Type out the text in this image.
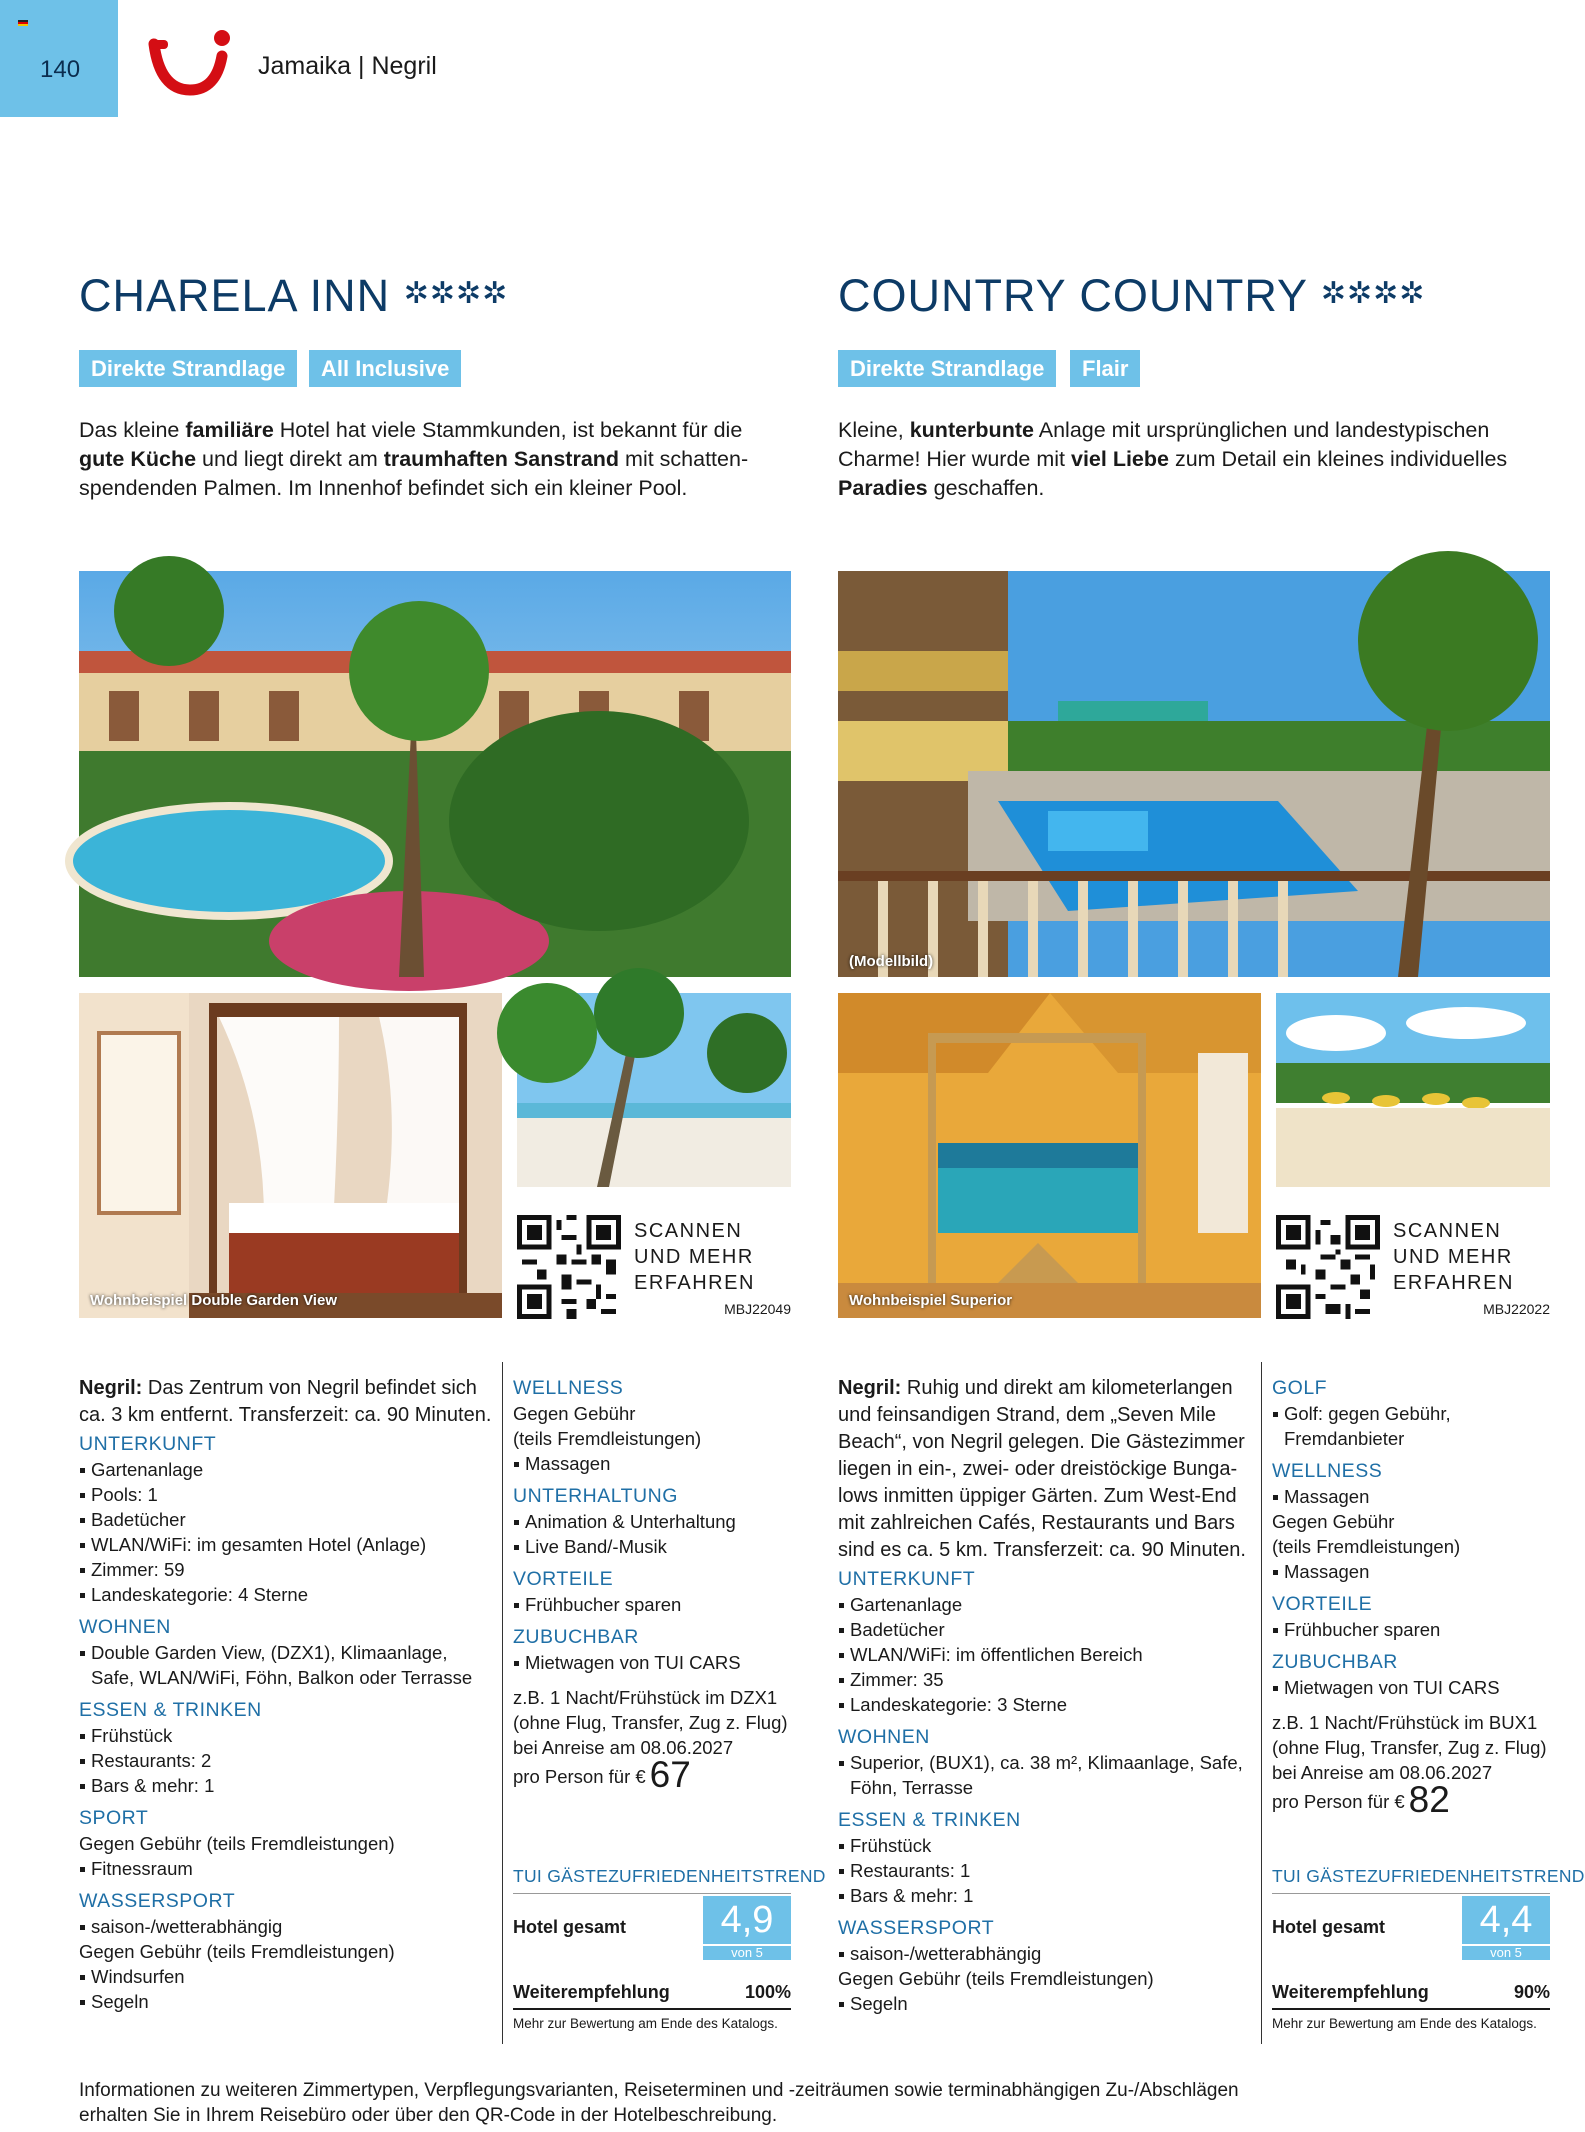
140	Jamaika | Negril
CHARELA INN ✲✲✲✲
Direkte Strandlage	All Inclusive

Das kleine familiäre Hotel hat viele Stammkunden, ist bekannt für die gute Küche und liegt direkt am traumhaften Sanstrand mit schattenspendenden Palmen. Im Innenhof befindet sich ein kleiner Pool.

COUNTRY COUNTRY ✲✲✲✲
Direkte Strandlage	Flair

Kleine, kunterbunte Anlage mit ursprünglichen und landestypischen Charme! Hier wurde mit viel Liebe zum Detail ein kleines individuelles Paradies geschaffen.

Wohnbeispiel Double Garden View
SCANNEN
UND MEHR
ERFAHREN
MBJ22049
(Modellbild)
Wohnbeispiel Superior
SCANNEN
UND MEHR
ERFAHREN
MBJ22022
Negril: Das Zentrum von Negril befindet sich ca. 3 km entfernt. Transferzeit: ca. 90 Minuten.
UNTERKUNFT
Gartenanlage
Pools: 1
Badetücher
WLAN/WiFi: im gesamten Hotel (Anlage)
Zimmer: 59
Landeskategorie: 4 Sterne
WOHNEN
Double Garden View, (DZX1), Klimaanlage, Safe, WLAN/WiFi, Föhn, Balkon oder Terrasse
ESSEN & TRINKEN
Frühstück
Restaurants: 2
Bars & mehr: 1
SPORT
Gegen Gebühr (teils Fremdleistungen)
Fitnessraum
WASSERSPORT
saison-/wetterabhängig
Gegen Gebühr (teils Fremdleistungen)
Windsurfen
Segeln
WELLNESS
Gegen Gebühr
(teils Fremdleistungen)
Massagen
UNTERHALTUNG
Animation & Unterhaltung
Live Band/-Musik
VORTEILE
Frühbucher sparen
ZUBUCHBAR
Mietwagen von TUI CARS
z.B. 1 Nacht/Frühstück im DZX1
(ohne Flug, Transfer, Zug z. Flug)
bei Anreise am 08.06.2027
pro Person für € 67
TUI GÄSTEZUFRIEDENHEITSTREND
Hotel gesamt	4,9
von 5
Weiterempfehlung	100%
Mehr zur Bewertung am Ende des Katalogs.
Negril: Ruhig und direkt am kilometerlangen und feinsandigen Strand, dem „Seven Mile Beach“, von Negril gelegen. Die Gästezimmer liegen in ein-, zwei- oder dreistöckige Bungalows inmitten üppiger Gärten. Zum West-End mit zahlreichen Cafés, Restaurants und Bars sind es ca. 5 km. Transferzeit: ca. 90 Minuten.
UNTERKUNFT
Gartenanlage
Badetücher
WLAN/WiFi: im öffentlichen Bereich
Zimmer: 35
Landeskategorie: 3 Sterne
WOHNEN
Superior, (BUX1), ca. 38 m², Klimaanlage, Safe, Föhn, Terrasse
ESSEN & TRINKEN
Frühstück
Restaurants: 1
Bars & mehr: 1
WASSERSPORT
saison-/wetterabhängig
Gegen Gebühr (teils Fremdleistungen)
Segeln
GOLF
Golf: gegen Gebühr, Fremdanbieter
WELLNESS
Massagen
Gegen Gebühr
(teils Fremdleistungen)
Massagen
VORTEILE
Frühbucher sparen
ZUBUCHBAR
Mietwagen von TUI CARS
z.B. 1 Nacht/Frühstück im BUX1
(ohne Flug, Transfer, Zug z. Flug)
bei Anreise am 08.06.2027
pro Person für € 82
TUI GÄSTEZUFRIEDENHEITSTREND
Hotel gesamt	4,4
von 5
Weiterempfehlung	90%
Mehr zur Bewertung am Ende des Katalogs.
Informationen zu weiteren Zimmertypen, Verpflegungsvarianten, Reiseterminen und -zeiträumen sowie terminabhängigen Zu-/Abschlägen erhalten Sie in Ihrem Reisebüro oder über den QR-Code in der Hotelbeschreibung.
